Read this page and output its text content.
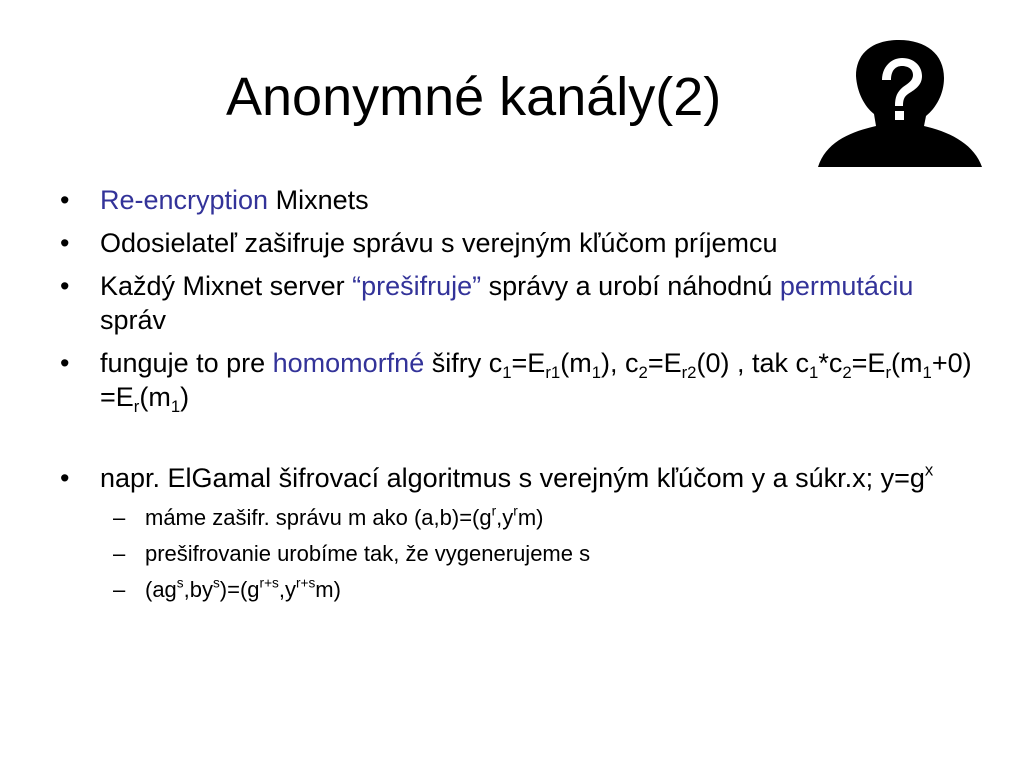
Anonymné kanály(2)
•	Re-encryption Mixnets
•	Odosielateľ zašifruje správu s verejným kľúčom príjemcu
•	Každý Mixnet server “prešifruje” správy a urobí náhodnú permutáciu správ
•	funguje to pre homomorfné šifry $c_1=E_{r1}(m_1)$, $c_2=E_{r2}(0)$ , tak $c_1*c_2=E_r(m_1+0) =E_r(m_1)$
•	napr. ElGamal šifrovací algoritmus s verejným kľúčom y a súkr.x; $y=g^x$
– máme zašifr. správu m ako $(a,b)=(g^r,y^rm)$
– prešifrovanie urobíme tak, že vygenerujeme s
– $(ag^s,by^s)=(g^{r+s},y^{r+s}m)$
